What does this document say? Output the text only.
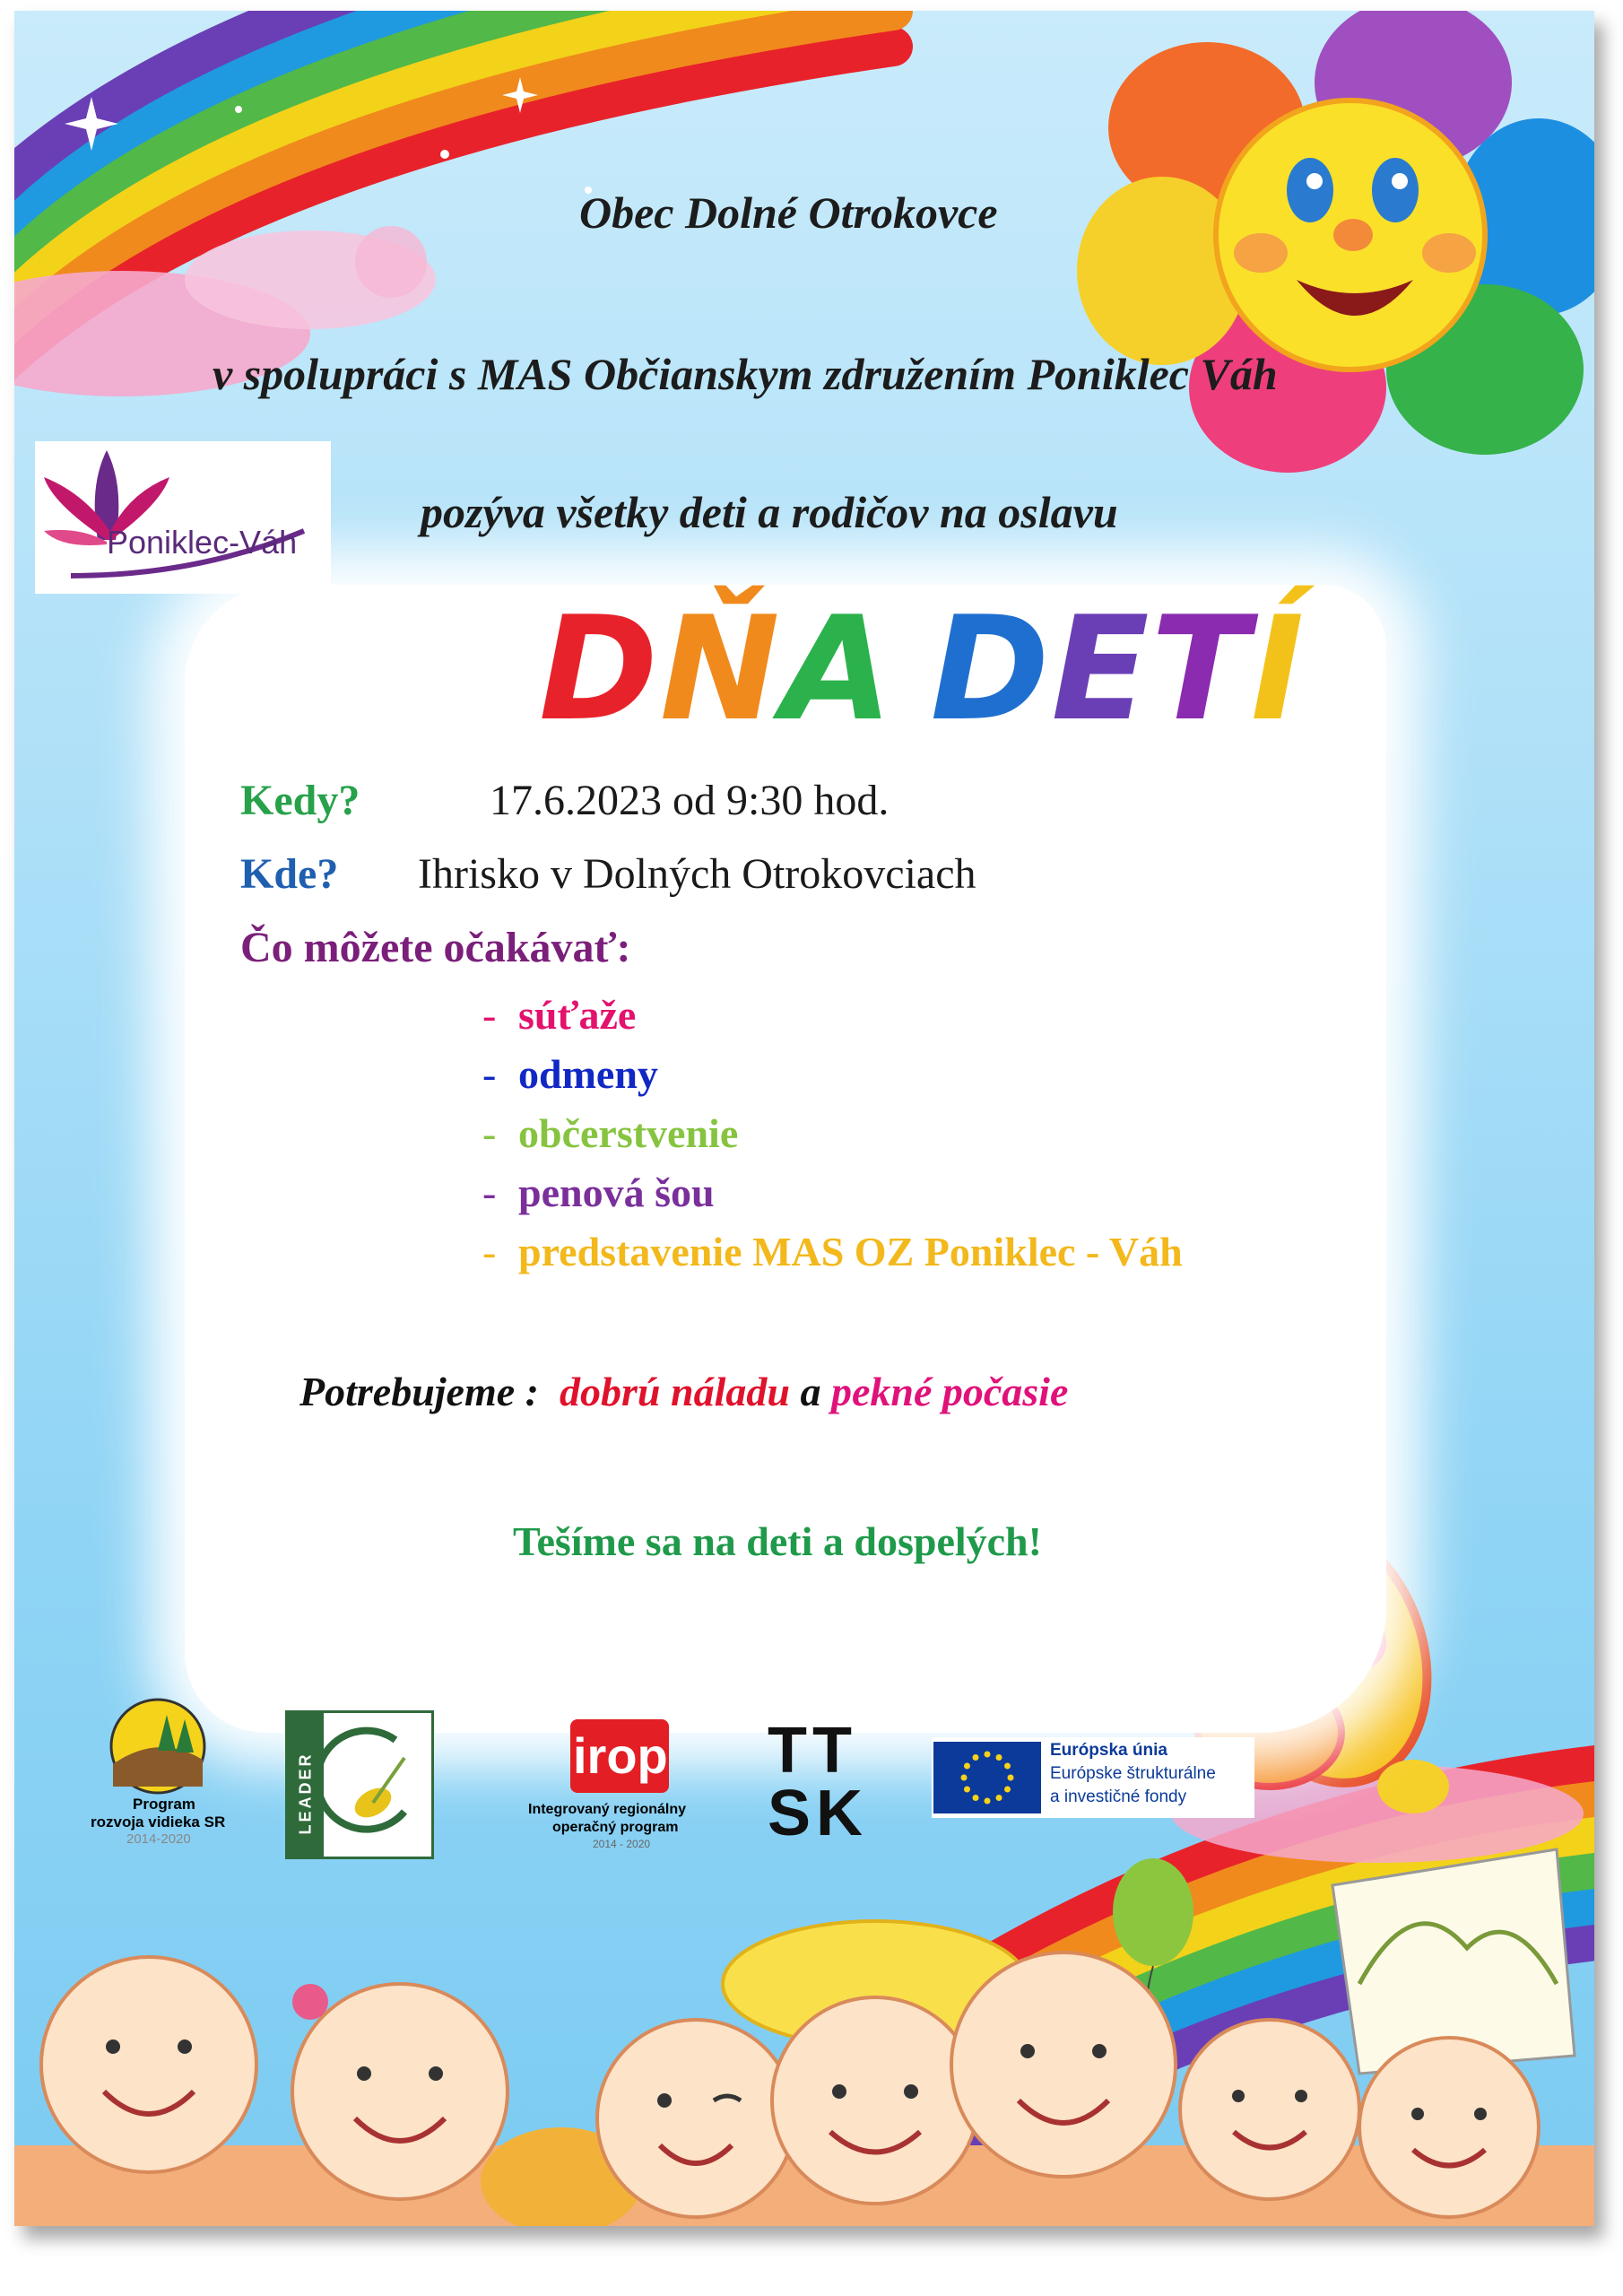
Obec Dolné Otrokovce
v spolupráci s MAS Občianskym združením Poniklec Váh
Poniklec-Váh
pozýva všetky deti a rodičov na oslavu
DŇA DETÍ
Kedy?	17.6.2023 od 9:30 hod.
Kde? Ihrisko v Dolných Otrokovciach
Čo môžete očakávať:
- súťaže
- odmeny
- občerstvenie
- penová šou
- predstavenie MAS OZ Poniklec - Váh
Potrebujeme : dobrú náladu a pekné počasie
Tešíme sa na deti a dospelých!
Program
rozvoja vidieka SR
2014-2020
LEADER	irop
Integrovaný regionálny
operačný program
2014 - 2020
TT
SK
Európska únia
Európske štrukturálne
a investičné fondy
